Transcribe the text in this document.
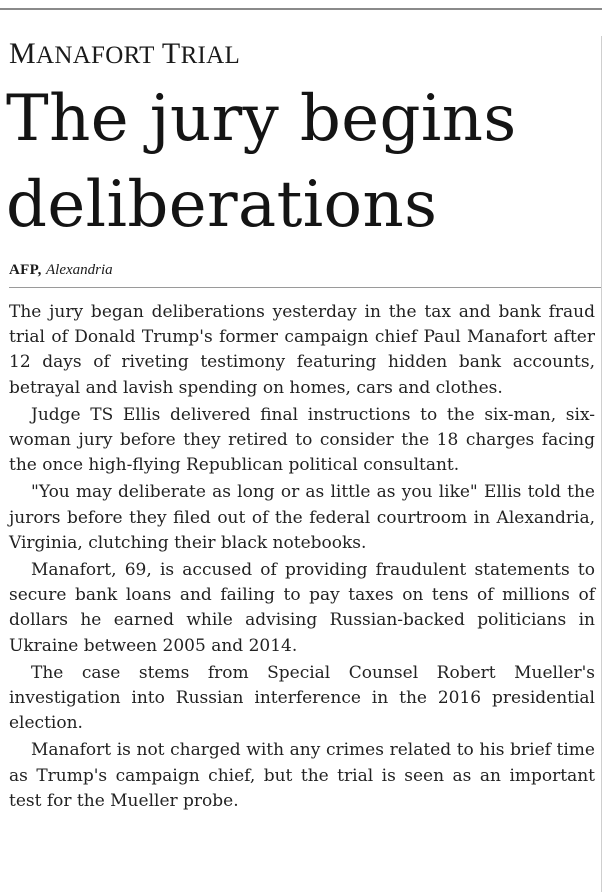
MANAFORT TRIAL
The jury begins deliberations
AFP, Alexandria

The jury began deliberations yesterday in the tax and bank fraud trial of Donald Trump's former campaign chief Paul Manafort after 12 days of riveting testimony featuring hidden bank accounts, betrayal and lavish spending on homes, cars and clothes.

Judge TS Ellis delivered final instructions to the six-man, six-woman jury before they retired to consider the 18 charges facing the once high-flying Republican political consultant.

"You may deliberate as long or as little as you like" Ellis told the jurors before they filed out of the federal courtroom in Alexandria, Virginia, clutching their black notebooks.

Manafort, 69, is accused of providing fraudulent statements to secure bank loans and failing to pay taxes on tens of millions of dollars he earned while advising Russian-backed politicians in Ukraine between 2005 and 2014.

The case stems from Special Counsel Robert Mueller's investigation into Russian interference in the 2016 presidential election.

Manafort is not charged with any crimes related to his brief time as Trump's campaign chief, but the trial is seen as an important test for the Mueller probe.
